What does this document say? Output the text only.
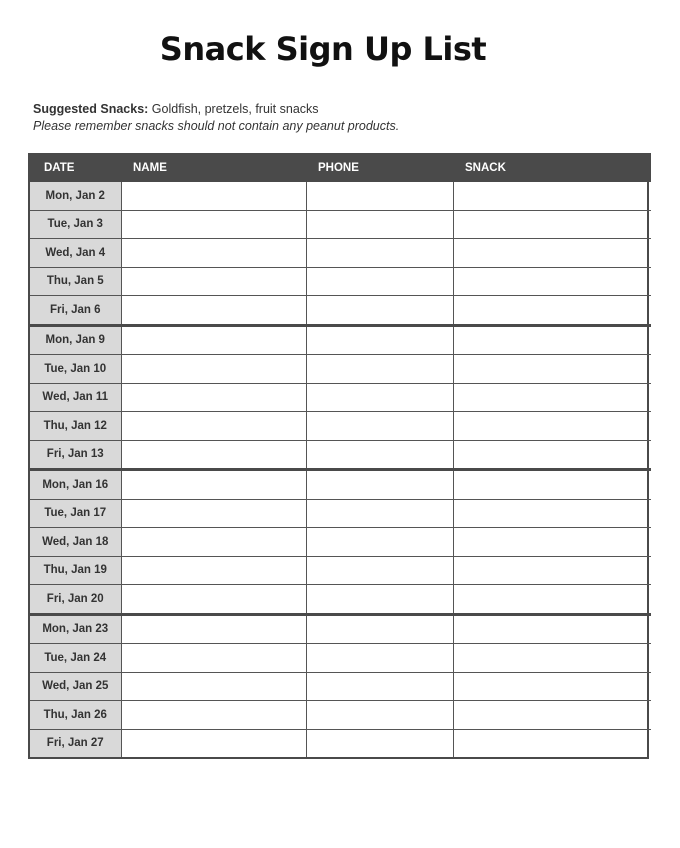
Snack Sign Up List
Suggested Snacks: Goldfish, pretzels, fruit snacks
Please remember snacks should not contain any peanut products.
DATE	NAME	PHONE	SNACK
Mon, Jan 2			
Tue, Jan 3			
Wed, Jan 4			
Thu, Jan 5			
Fri, Jan 6			
Mon, Jan 9			
Tue, Jan 10			
Wed, Jan 11			
Thu, Jan 12			
Fri, Jan 13			
Mon, Jan 16			
Tue, Jan 17			
Wed, Jan 18			
Thu, Jan 19			
Fri, Jan 20			
Mon, Jan 23			
Tue, Jan 24			
Wed, Jan 25			
Thu, Jan 26			
Fri, Jan 27			
